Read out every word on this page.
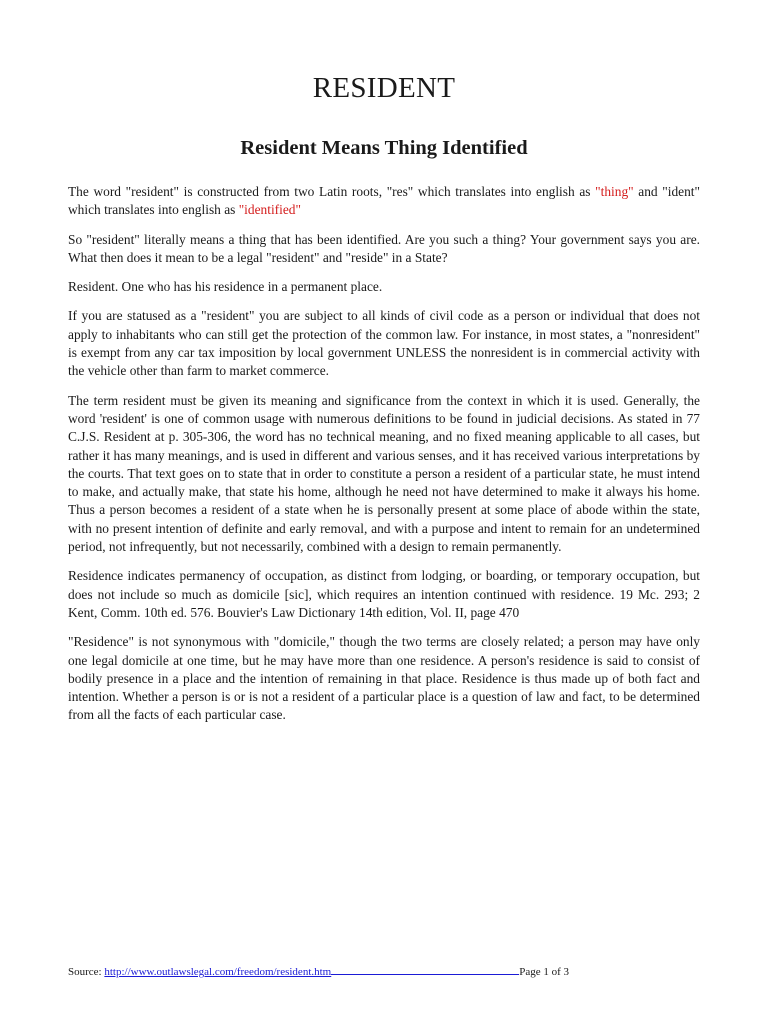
RESIDENT
Resident Means Thing Identified

The word "resident" is constructed from two Latin roots, "res" which translates into english as "thing" and "ident" which translates into english as "identified"

So "resident" literally means a thing that has been identified. Are you such a thing? Your government says you are. What then does it mean to be a legal "resident" and "reside" in a State?

Resident. One who has his residence in a permanent place.

If you are statused as a "resident" you are subject to all kinds of civil code as a person or individual that does not apply to inhabitants who can still get the protection of the common law. For instance, in most states, a "nonresident" is exempt from any car tax imposition by local government UNLESS the nonresident is in commercial activity with the vehicle other than farm to market commerce.

The term resident must be given its meaning and significance from the context in which it is used. Generally, the word 'resident' is one of common usage with numerous definitions to be found in judicial decisions. As stated in 77 C.J.S. Resident at p. 305-306, the word has no technical meaning, and no fixed meaning applicable to all cases, but rather it has many meanings, and is used in different and various senses, and it has received various interpretations by the courts. That text goes on to state that in order to constitute a person a resident of a particular state, he must intend to make, and actually make, that state his home, although he need not have determined to make it always his home. Thus a person becomes a resident of a state when he is personally present at some place of abode within the state, with no present intention of definite and early removal, and with a purpose and intent to remain for an undetermined period, not infrequently, but not necessarily, combined with a design to remain permanently.

Residence indicates permanency of occupation, as distinct from lodging, or boarding, or temporary occupation, but does not include so much as domicile [sic], which requires an intention continued with residence. 19 Mc. 293; 2 Kent, Comm. 10th ed. 576. Bouvier's Law Dictionary 14th edition, Vol. II, page 470

"Residence" is not synonymous with "domicile," though the two terms are closely related; a person may have only one legal domicile at one time, but he may have more than one residence. A person's residence is said to consist of bodily presence in a place and the intention of remaining in that place. Residence is thus made up of both fact and intention. Whether a person is or is not a resident of a particular place is a question of law and fact, to be determined from all the facts of each particular case.

Source: http://www.outlawslegal.com/freedom/resident.htm	Page 1 of 3
